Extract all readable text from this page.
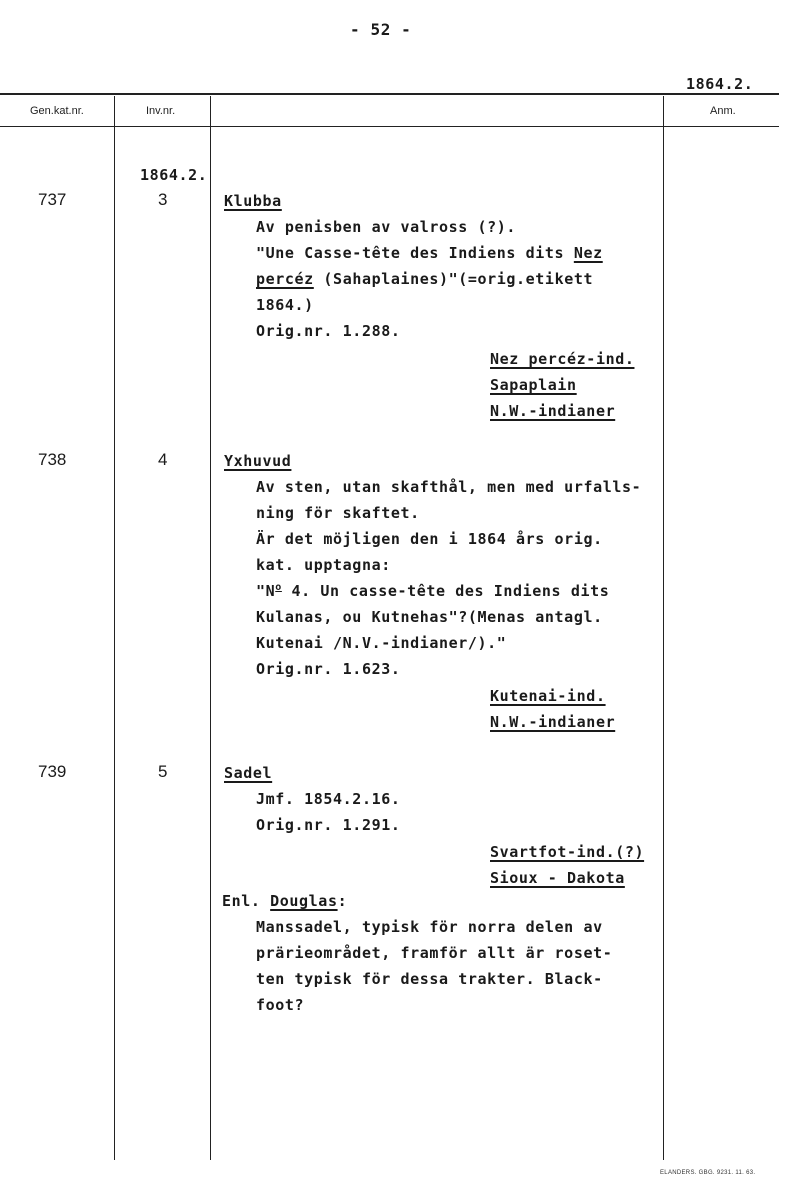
- 52 -
1864.2.
Gen.kat.nr.	Inv.nr.	Anm.
1864.2.
737	3	Klubba
Av penisben av valross (?).
"Une Casse-tête des Indiens dits Nez
percéz (Sahaplaines)"(=orig.etikett
1864.)
Orig.nr. 1.288.
Nez percéz-ind.
Sapaplain
N.W.-indianer
738	4	Yxhuvud
Av sten, utan skafthål, men med urfalls-
ning för skaftet.
Är det möjligen den i 1864 års orig.
kat. upptagna:
"$N^o$ 4. Un casse-tête des Indiens dits
Kulanas, ou Kutnehas"?(Menas antagl.
Kutenai /N.V.-indianer/)."
Orig.nr. 1.623.
Kutenai-ind.
N.W.-indianer
739	5	Sadel
Jmf. 1854.2.16.
Orig.nr. 1.291.
Svartfot-ind.(?)
Sioux - Dakota
Enl. Douglas:
Manssadel, typisk för norra delen av
prärieområdet, framför allt är roset-
ten typisk för dessa trakter. Black-
foot?
ELANDERS. GBG. 9231. 11. 63.
